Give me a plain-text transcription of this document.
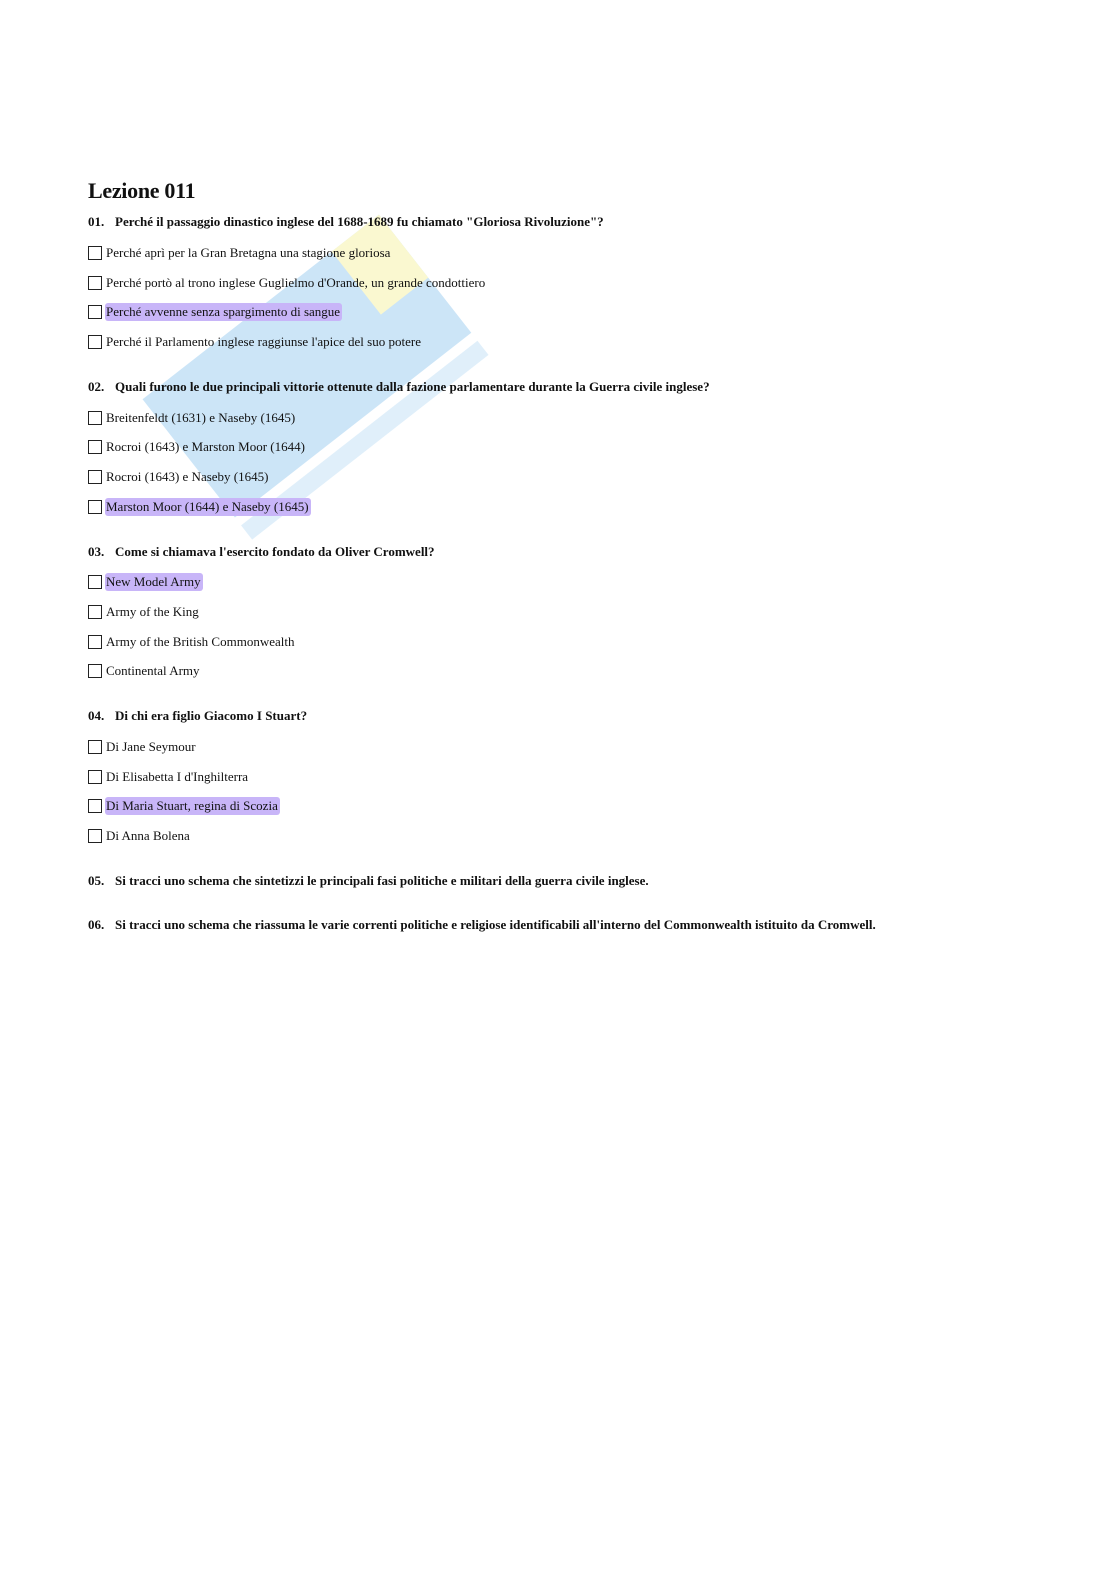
Lezione 011
01. Perché il passaggio dinastico inglese del 1688-1689 fu chiamato "Gloriosa Rivoluzione"?
Perché aprì per la Gran Bretagna una stagione gloriosa
Perché portò al trono inglese Guglielmo d'Orande, un grande condottiero
Perché avvenne senza spargimento di sangue
Perché il Parlamento inglese raggiunse l'apice del suo potere
02. Quali furono le due principali vittorie ottenute dalla fazione parlamentare durante la Guerra civile inglese?
Breitenfeldt (1631) e Naseby (1645)
Rocroi (1643) e Marston Moor (1644)
Rocroi (1643) e Naseby (1645)
Marston Moor (1644) e Naseby (1645)
03. Come si chiamava l'esercito fondato da Oliver Cromwell?
New Model Army
Army of the King
Army of the British Commonwealth
Continental Army
04. Di chi era figlio Giacomo I Stuart?
Di Jane Seymour
Di Elisabetta I d'Inghilterra
Di Maria Stuart, regina di Scozia
Di Anna Bolena
05. Si tracci uno schema che sintetizzi le principali fasi politiche e militari della guerra civile inglese.
06. Si tracci uno schema che riassuma le varie correnti politiche e religiose identificabili all'interno del Commonwealth istituito da Cromwell.
